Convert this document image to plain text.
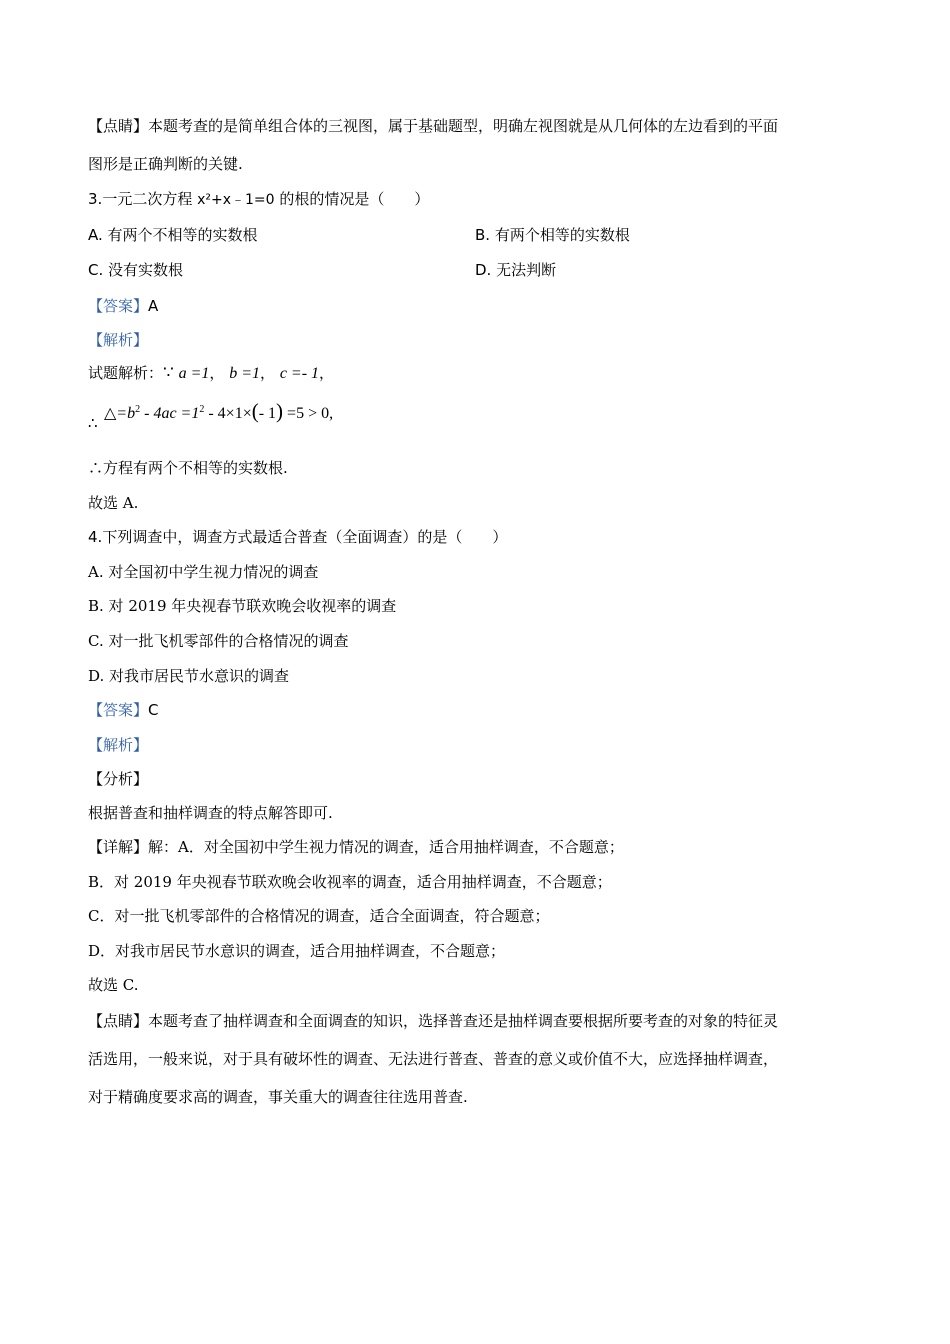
【点睛】本题考查的是简单组合体的三视图，属于基础题型，明确左视图就是从几何体的左边看到的平面
图形是正确判断的关键.
3.一元二次方程 x²+x﹣1=0 的根的情况是（　　）
A. 有两个不相等的实数根	B. 有两个相等的实数根
C. 没有实数根	D. 无法判断
【答案】A
【解析】
试题解析：∵ a =1， b =1， c =- 1，
∴
$\triangle=b^2 - 4ac =1^2 - 4\times 1\times(-$ 1) =5 > 0,
∴方程有两个不相等的实数根.
故选 A.
4.下列调查中，调查方式最适合普查（全面调查）的是（　　）
A. 对全国初中学生视力情况的调查
B. 对 2019 年央视春节联欢晚会收视率的调查
C. 对一批飞机零部件的合格情况的调查
D. 对我市居民节水意识的调查
【答案】C
【解析】
【分析】
根据普查和抽样调查的特点解答即可.
【详解】解：A．对全国初中学生视力情况的调查，适合用抽样调查，不合题意；
B．对 2019 年央视春节联欢晚会收视率的调查，适合用抽样调查，不合题意；
C．对一批飞机零部件的合格情况的调查，适合全面调查，符合题意；
D．对我市居民节水意识的调查，适合用抽样调查，不合题意；
故选 C.
【点睛】本题考查了抽样调查和全面调查的知识，选择普查还是抽样调查要根据所要考查的对象的特征灵
活选用，一般来说，对于具有破坏性的调查、无法进行普查、普查的意义或价值不大，应选择抽样调查，
对于精确度要求高的调查，事关重大的调查往往选用普查.
